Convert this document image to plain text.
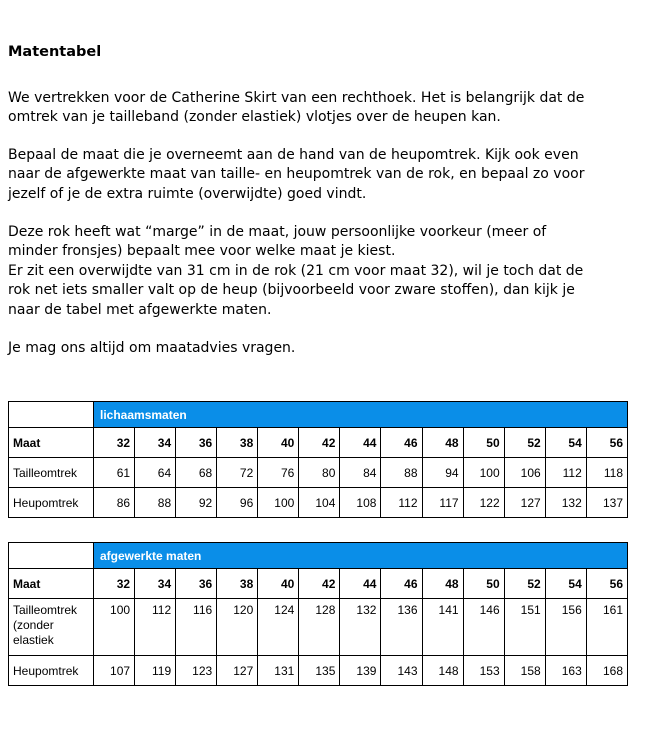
Matentabel

We vertrekken voor de Catherine Skirt van een rechthoek. Het is belangrijk dat de
omtrek van je tailleband (zonder elastiek) vlotjes over de heupen kan.

Bepaal de maat die je overneemt aan de hand van de heupomtrek. Kijk ook even
naar de afgewerkte maat van taille- en heupomtrek van de rok, en bepaal zo voor
jezelf of je de extra ruimte (overwijdte) goed vindt.

Deze rok heeft wat “marge” in de maat, jouw persoonlijke voorkeur (meer of
minder fronsjes) bepaalt mee voor welke maat je kiest.
Er zit een overwijdte van 31 cm in de rok (21 cm voor maat 32), wil je toch dat de
rok net iets smaller valt op de heup (bijvoorbeeld voor zware stoffen), dan kijk je
naar de tabel met afgewerkte maten.

Je mag ons altijd om maatadvies vragen.

	lichaamsmaten												
Maat	32	34	36	38	40	42	44	46	48	50	52	54	56
Tailleomtrek	61	64	68	72	76	80	84	88	94	100	106	112	118
Heupomtrek	86	88	92	96	100	104	108	112	117	122	127	132	137
	afgewerkte maten												
Maat	32	34	36	38	40	42	44	46	48	50	52	54	56
Tailleomtrek
(zonder
elastiek	100	112	116	120	124	128	132	136	141	146	151	156	161
Heupomtrek	107	119	123	127	131	135	139	143	148	153	158	163	168
